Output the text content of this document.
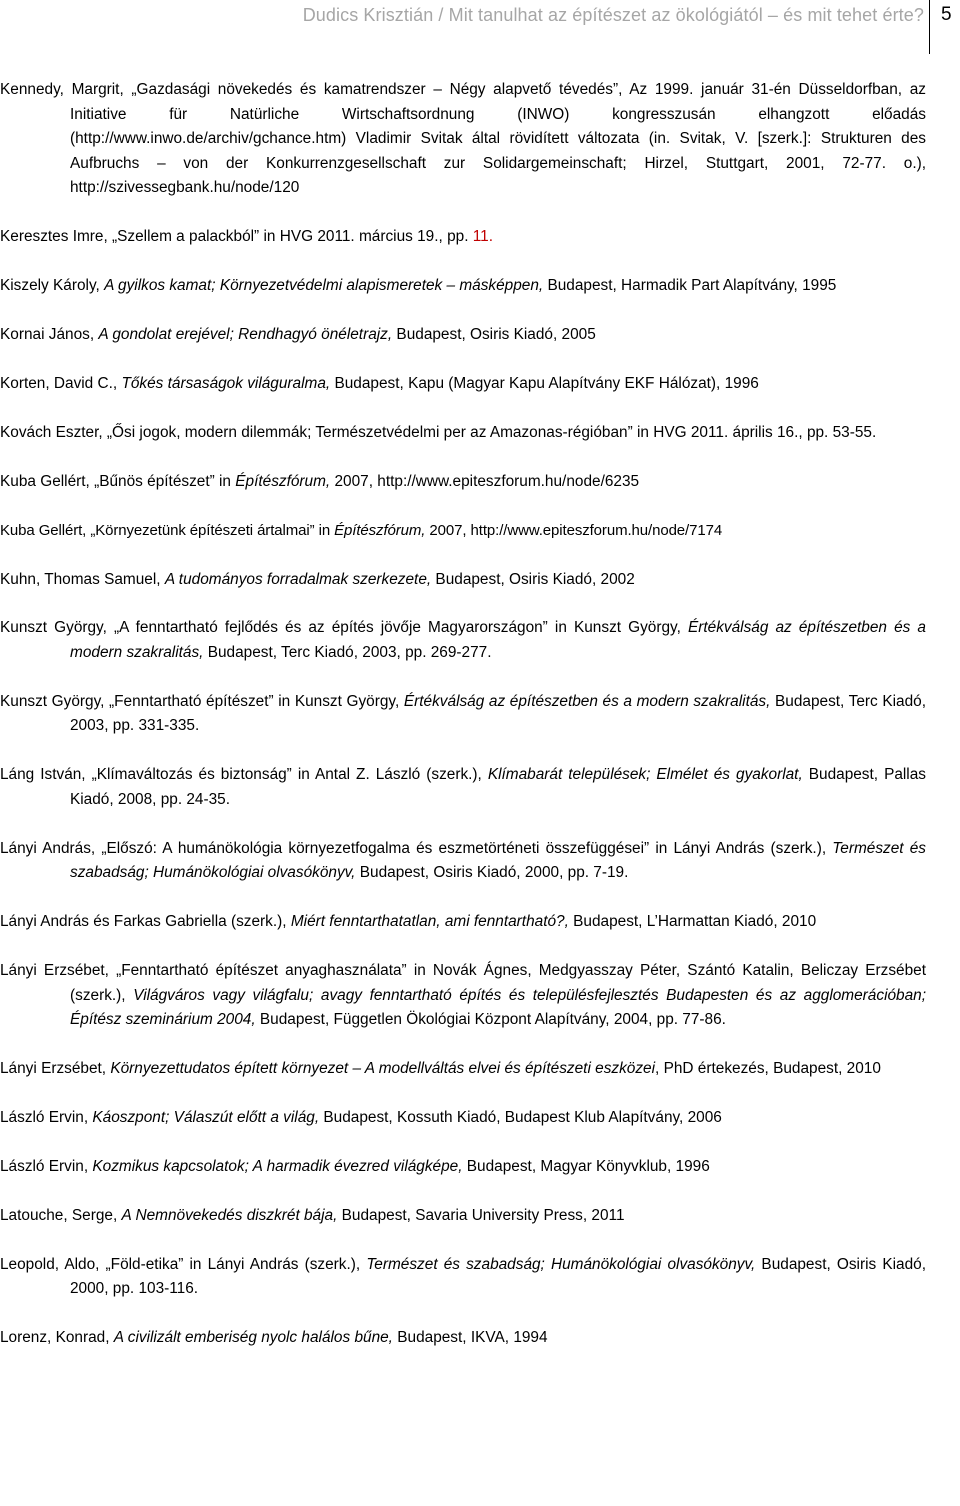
Dudics Krisztián / Mit tanulhat az építészet az ökológiától – és mit tehet érte? 5

Kennedy, Margrit, „Gazdasági növekedés és kamatrendszer – Négy alapvető tévedés”, Az 1999. január 31-én Düsseldorfban, az Initiative für Natürliche Wirtschaftsordnung (INWO) kongresszusán elhangzott előadás (http://www.inwo.de/archiv/gchance.htm) Vladimir Svitak által rövidített változata (in. Svitak, V. [szerk.]: Strukturen des Aufbruchs – von der Konkurrenzgesellschaft zur Solidargemeinschaft; Hirzel, Stuttgart, 2001, 72-77. o.), http://szivessegbank.hu/node/120

Keresztes Imre, „Szellem a palackból” in HVG 2011. március 19., pp. 11.

Kiszely Károly, A gyilkos kamat; Környezetvédelmi alapismeretek – másképpen, Budapest, Harmadik Part Alapítvány, 1995

Kornai János, A gondolat erejével; Rendhagyó önéletrajz, Budapest, Osiris Kiadó, 2005

Korten, David C., Tőkés társaságok világuralma, Budapest, Kapu (Magyar Kapu Alapítvány EKF Hálózat), 1996

Kovách Eszter, „Ősi jogok, modern dilemmák; Természetvédelmi per az Amazonas-régióban” in HVG 2011. április 16., pp. 53-55.

Kuba Gellért, „Bűnös építészet” in Építészfórum, 2007, http://www.epiteszforum.hu/node/6235

Kuba Gellért, „Környezetünk építészeti ártalmai” in Építészfórum, 2007, http://www.epiteszforum.hu/node/7174

Kuhn, Thomas Samuel, A tudományos forradalmak szerkezete, Budapest, Osiris Kiadó, 2002

Kunszt György, „A fenntartható fejlődés és az építés jövője Magyarországon” in Kunszt György, Értékválság az építészetben és a modern szakralitás, Budapest, Terc Kiadó, 2003, pp. 269-277.

Kunszt György, „Fenntartható építészet” in Kunszt György, Értékválság az építészetben és a modern szakralitás, Budapest, Terc Kiadó, 2003, pp. 331-335.

Láng István, „Klímaváltozás és biztonság” in Antal Z. László (szerk.), Klímabarát települések; Elmélet és gyakorlat, Budapest, Pallas Kiadó, 2008, pp. 24-35.

Lányi András, „Előszó: A humánökológia környezetfogalma és eszmetörténeti összefüggései” in Lányi András (szerk.), Természet és szabadság; Humánökológiai olvasókönyv, Budapest, Osiris Kiadó, 2000, pp. 7-19.

Lányi András és Farkas Gabriella (szerk.), Miért fenntarthatatlan, ami fenntartható?, Budapest, L’Harmattan Kiadó, 2010

Lányi Erzsébet, „Fenntartható építészet anyaghasználata” in Novák Ágnes, Medgyasszay Péter, Szántó Katalin, Beliczay Erzsébet (szerk.), Világváros vagy világfalu; avagy fenntartható építés és településfejlesztés Budapesten és az agglomerációban; Építész szeminárium 2004, Budapest, Független Ökológiai Központ Alapítvány, 2004, pp. 77-86.

Lányi Erzsébet, Környezettudatos épített környezet – A modellváltás elvei és építészeti eszközei, PhD értekezés, Budapest, 2010

László Ervin, Káoszpont; Válaszút előtt a világ, Budapest, Kossuth Kiadó, Budapest Klub Alapítvány, 2006

László Ervin, Kozmikus kapcsolatok; A harmadik évezred világképe, Budapest, Magyar Könyvklub, 1996

Latouche, Serge, A Nemnövekedés diszkrét bája, Budapest, Savaria University Press, 2011

Leopold, Aldo, „Föld-etika” in Lányi András (szerk.), Természet és szabadság; Humánökológiai olvasókönyv, Budapest, Osiris Kiadó, 2000, pp. 103-116.

Lorenz, Konrad, A civilizált emberiség nyolc halálos bűne, Budapest, IKVA, 1994
